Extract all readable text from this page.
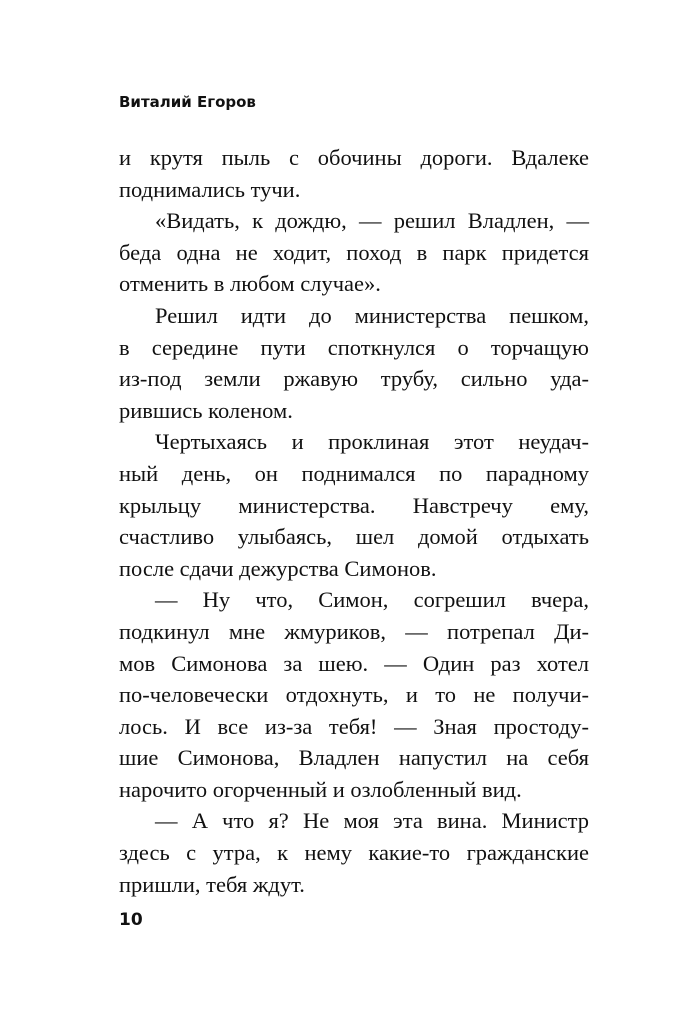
Виталий Егоров
и крутя пыль с обочины дороги. Вдалеке
поднимались тучи.
«Видать, к дождю, — решил Владлен, —
беда одна не ходит, поход в парк придется
отменить в любом случае».
Решил идти до министерства пешком,
в середине пути споткнулся о торчащую
из-под земли ржавую трубу, сильно уда-
рившись коленом.
Чертыхаясь и проклиная этот неудач-
ный день, он поднимался по парадному
крыльцу министерства. Навстречу ему,
счастливо улыбаясь, шел домой отдыхать
после сдачи дежурства Симонов.
— Ну что, Симон, согрешил вчера,
подкинул мне жмуриков, — потрепал Ди-
мов Симонова за шею. — Один раз хотел
по-человечески отдохнуть, и то не получи-
лось. И все из-за тебя! — Зная простоду-
шие Симонова, Владлен напустил на себя
нарочито огорченный и озлобленный вид.
— А что я? Не моя эта вина. Министр
здесь с утра, к нему какие-то гражданские
пришли, тебя ждут.
10
